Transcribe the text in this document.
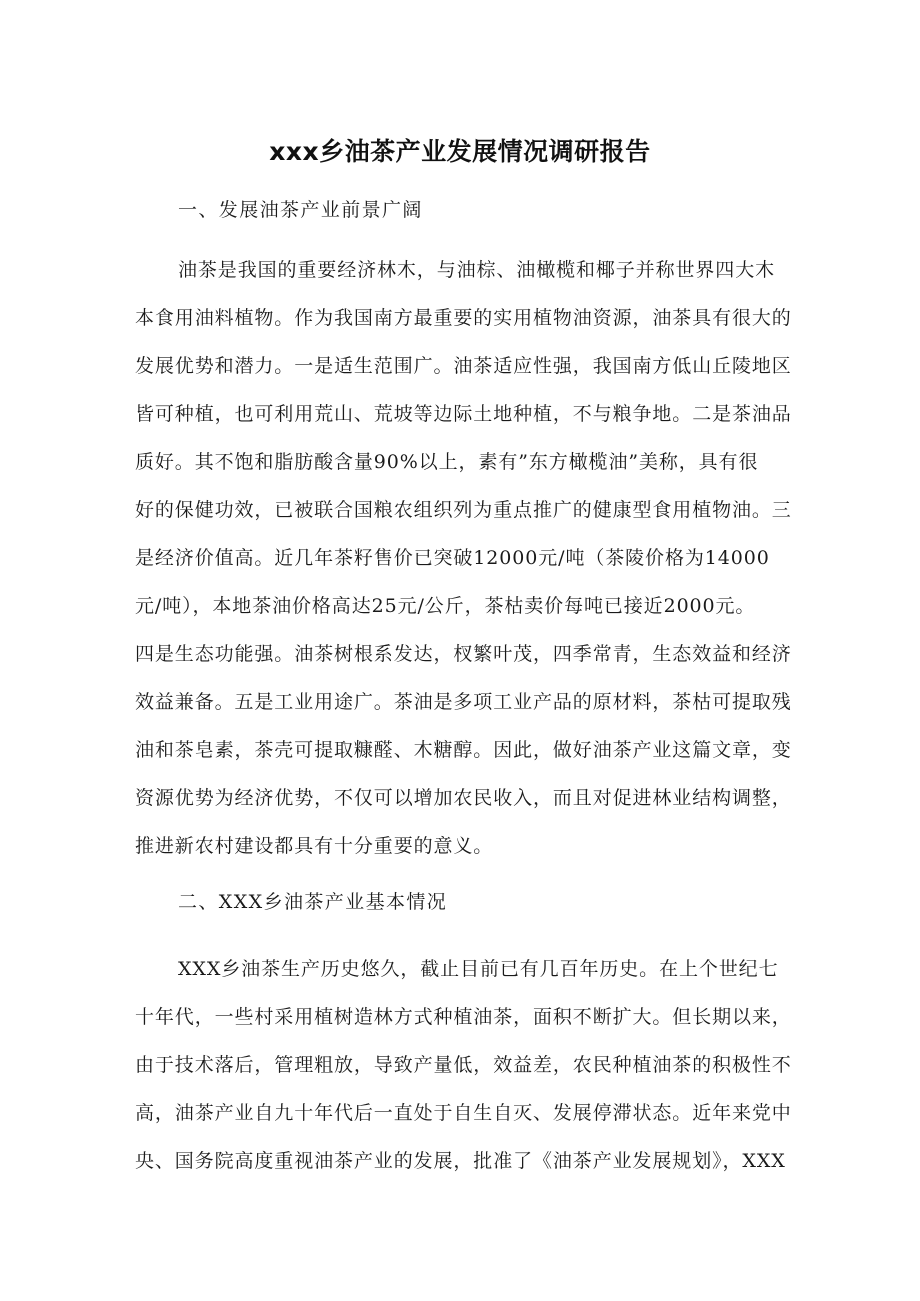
xxx乡油茶产业发展情况调研报告
一、发展油茶产业前景广阔
油茶是我国的重要经济林木，与油棕、油橄榄和椰子并称世界四大木
本食用油料植物。作为我国南方最重要的实用植物油资源，油茶具有很大的
发展优势和潜力。一是适生范围广。油茶适应性强，我国南方低山丘陵地区
皆可种植，也可利用荒山、荒坡等边际土地种植，不与粮争地。二是茶油品
质好。其不饱和脂肪酸含量90%以上，素有”东方橄榄油”美称，具有很
好的保健功效，已被联合国粮农组织列为重点推广的健康型食用植物油。三
是经济价值高。近几年茶籽售价已突破12000元/吨（茶陵价格为14000
元/吨），本地茶油价格高达25元/公斤，茶枯卖价每吨已接近2000元。
四是生态功能强。油茶树根系发达，杈繁叶茂，四季常青，生态效益和经济
效益兼备。五是工业用途广。茶油是多项工业产品的原材料，茶枯可提取残
油和茶皂素，茶壳可提取糠醛、木糖醇。因此，做好油茶产业这篇文章，变
资源优势为经济优势，不仅可以增加农民收入，而且对促进林业结构调整，
推进新农村建设都具有十分重要的意义。
二、XXX乡油茶产业基本情况
XXX乡油茶生产历史悠久，截止目前已有几百年历史。在上个世纪七
十年代，一些村采用植树造林方式种植油茶，面积不断扩大。但长期以来，
由于技术落后，管理粗放，导致产量低，效益差，农民种植油茶的积极性不
高，油茶产业自九十年代后一直处于自生自灭、发展停滞状态。近年来党中
央、国务院高度重视油茶产业的发展，批准了《油茶产业发展规划》，XXX
